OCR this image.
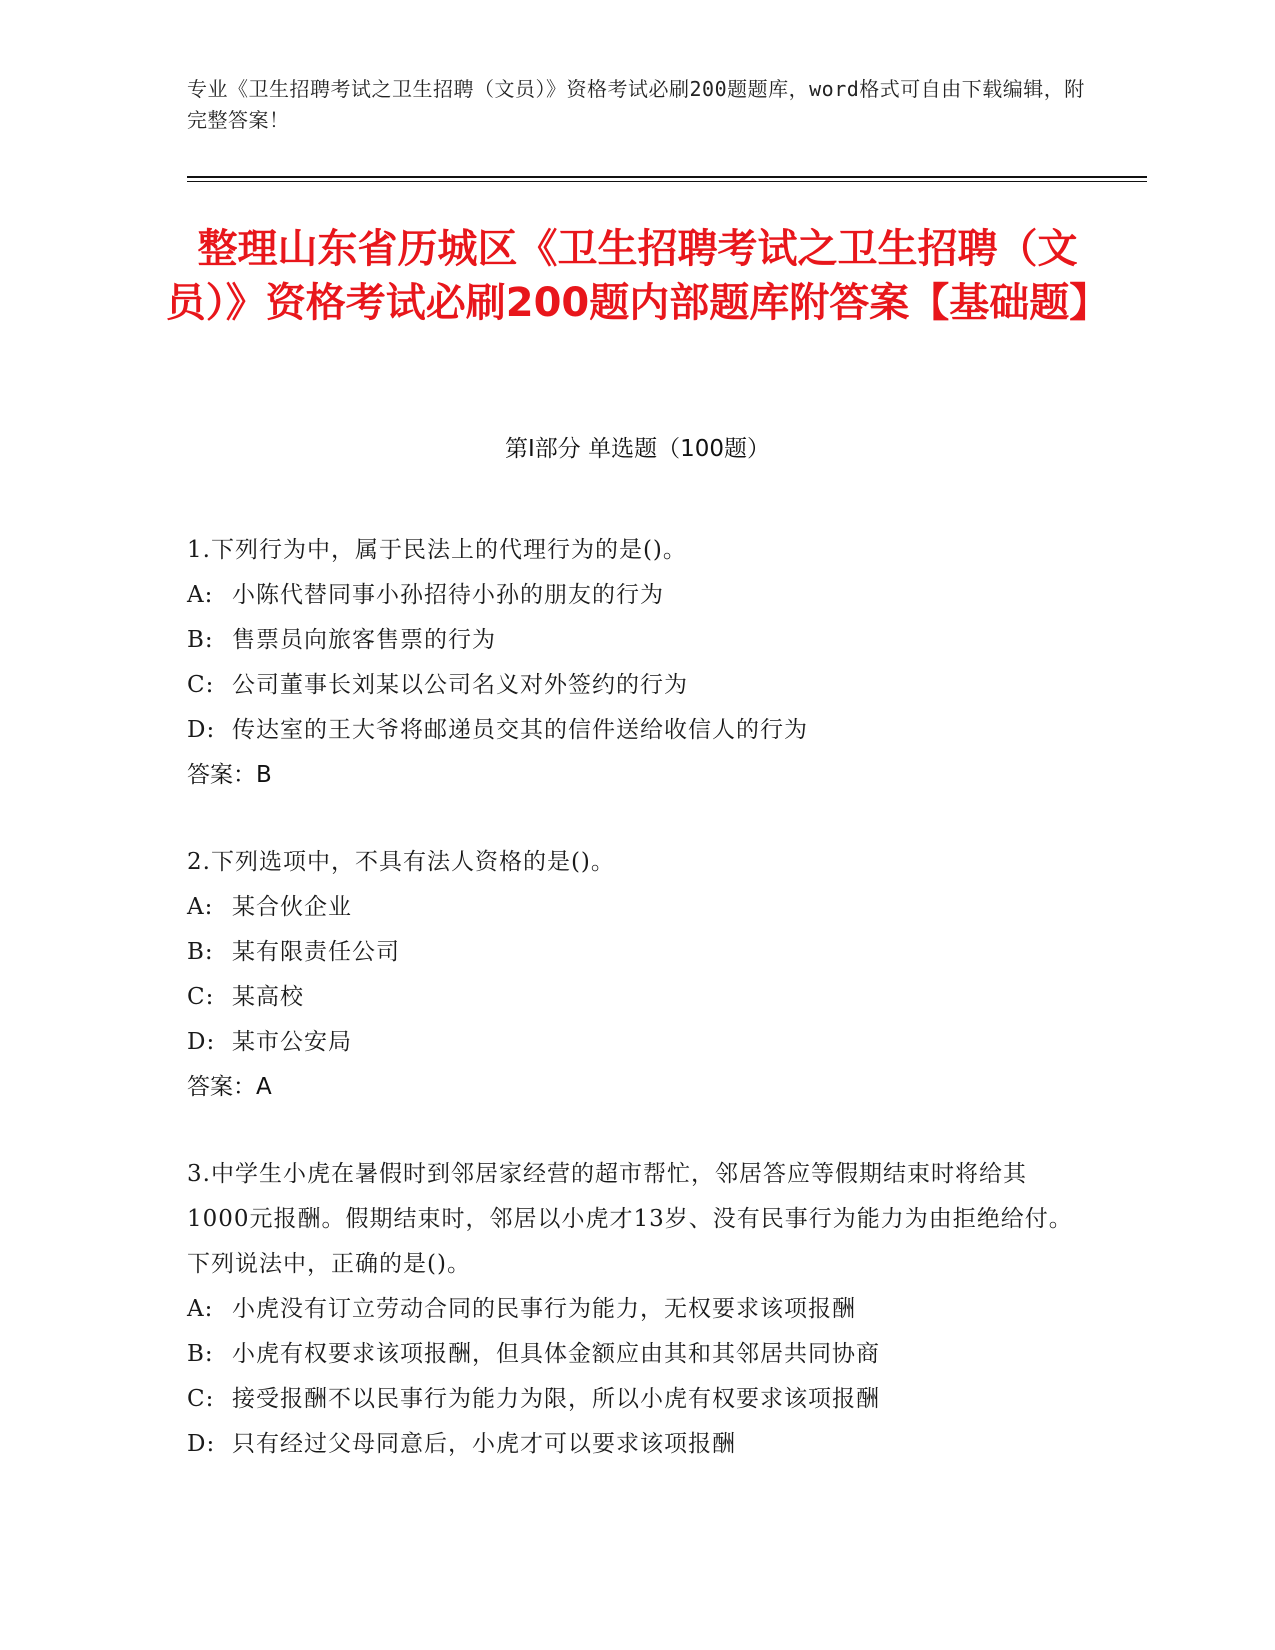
专业《卫生招聘考试之卫生招聘（文员）》资格考试必刷200题题库，word格式可自由下载编辑，附完整答案！
整理山东省历城区《卫生招聘考试之卫生招聘（文员）》资格考试必刷200题内部题库附答案【基础题】
第Ⅰ部分 单选题（100题）
1.下列行为中，属于民法上的代理行为的是()。
A: 小陈代替同事小孙招待小孙的朋友的行为
B: 售票员向旅客售票的行为
C: 公司董事长刘某以公司名义对外签约的行为
D: 传达室的王大爷将邮递员交其的信件送给收信人的行为
答案：B
2.下列选项中，不具有法人资格的是()。
A: 某合伙企业
B: 某有限责任公司
C: 某高校
D: 某市公安局
答案：A
3.中学生小虎在暑假时到邻居家经营的超市帮忙，邻居答应等假期结束时将给其1000元报酬。假期结束时，邻居以小虎才13岁、没有民事行为能力为由拒绝给付。下列说法中，正确的是()。
A: 小虎没有订立劳动合同的民事行为能力，无权要求该项报酬
B: 小虎有权要求该项报酬，但具体金额应由其和其邻居共同协商
C: 接受报酬不以民事行为能力为限，所以小虎有权要求该项报酬
D: 只有经过父母同意后，小虎才可以要求该项报酬
